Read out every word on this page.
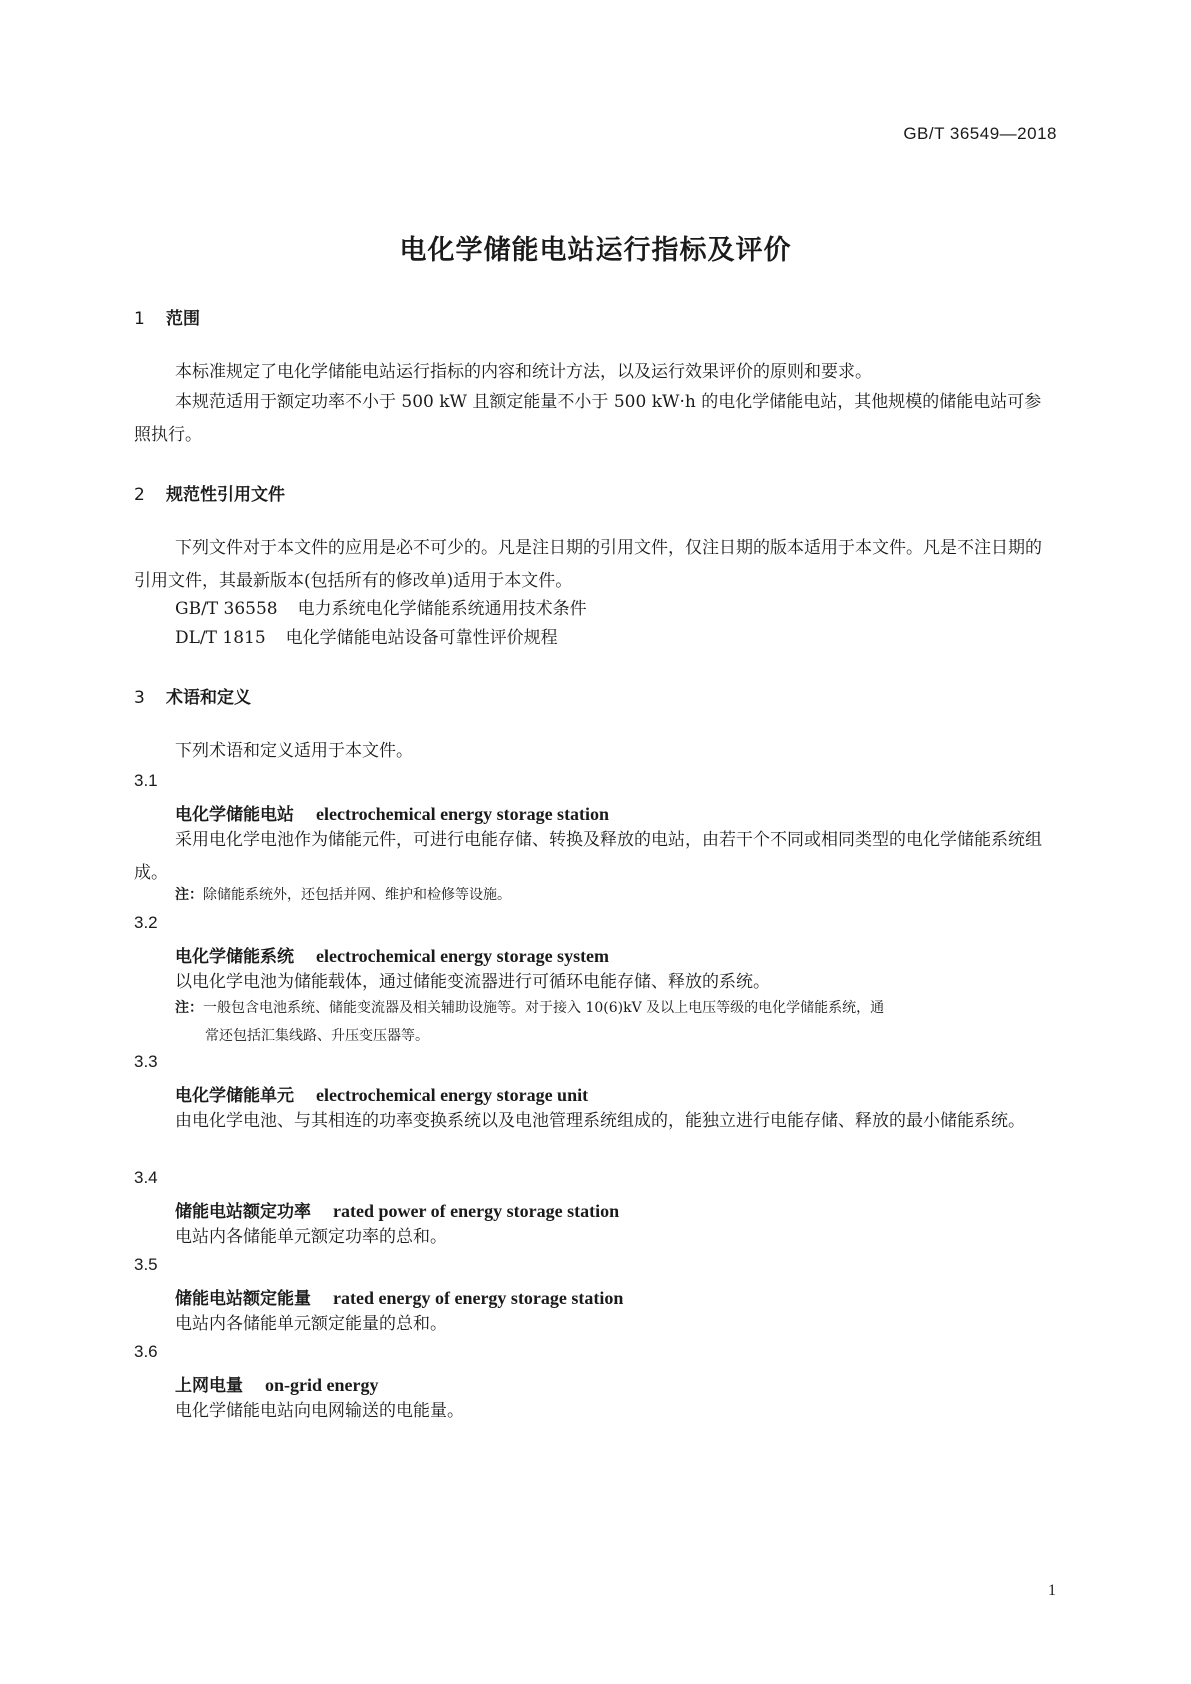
GB/T 36549—2018
电化学储能电站运行指标及评价
1 范围
本标准规定了电化学储能电站运行指标的内容和统计方法，以及运行效果评价的原则和要求。
本规范适用于额定功率不小于 500 kW 且额定能量不小于 500 kW·h 的电化学储能电站，其他规模的储能电站可参照执行。
2 规范性引用文件
下列文件对于本文件的应用是必不可少的。凡是注日期的引用文件，仅注日期的版本适用于本文件。凡是不注日期的引用文件，其最新版本(包括所有的修改单)适用于本文件。
GB/T 36558 电力系统电化学储能系统通用技术条件
DL/T 1815 电化学储能电站设备可靠性评价规程
3 术语和定义
下列术语和定义适用于本文件。
3.1
电化学储能电站 electrochemical energy storage station
采用电化学电池作为储能元件，可进行电能存储、转换及释放的电站，由若干个不同或相同类型的电化学储能系统组成。
注：除储能系统外，还包括并网、维护和检修等设施。
3.2
电化学储能系统 electrochemical energy storage system
以电化学电池为储能载体，通过储能变流器进行可循环电能存储、释放的系统。
注：一般包含电池系统、储能变流器及相关辅助设施等。对于接入 10(6)kV 及以上电压等级的电化学储能系统，通
常还包括汇集线路、升压变压器等。
3.3
电化学储能单元 electrochemical energy storage unit
由电化学电池、与其相连的功率变换系统以及电池管理系统组成的，能独立进行电能存储、释放的最小储能系统。
3.4
储能电站额定功率 rated power of energy storage station
电站内各储能单元额定功率的总和。
3.5
储能电站额定能量 rated energy of energy storage station
电站内各储能单元额定能量的总和。
3.6
上网电量 on-grid energy
电化学储能电站向电网输送的电能量。
1
